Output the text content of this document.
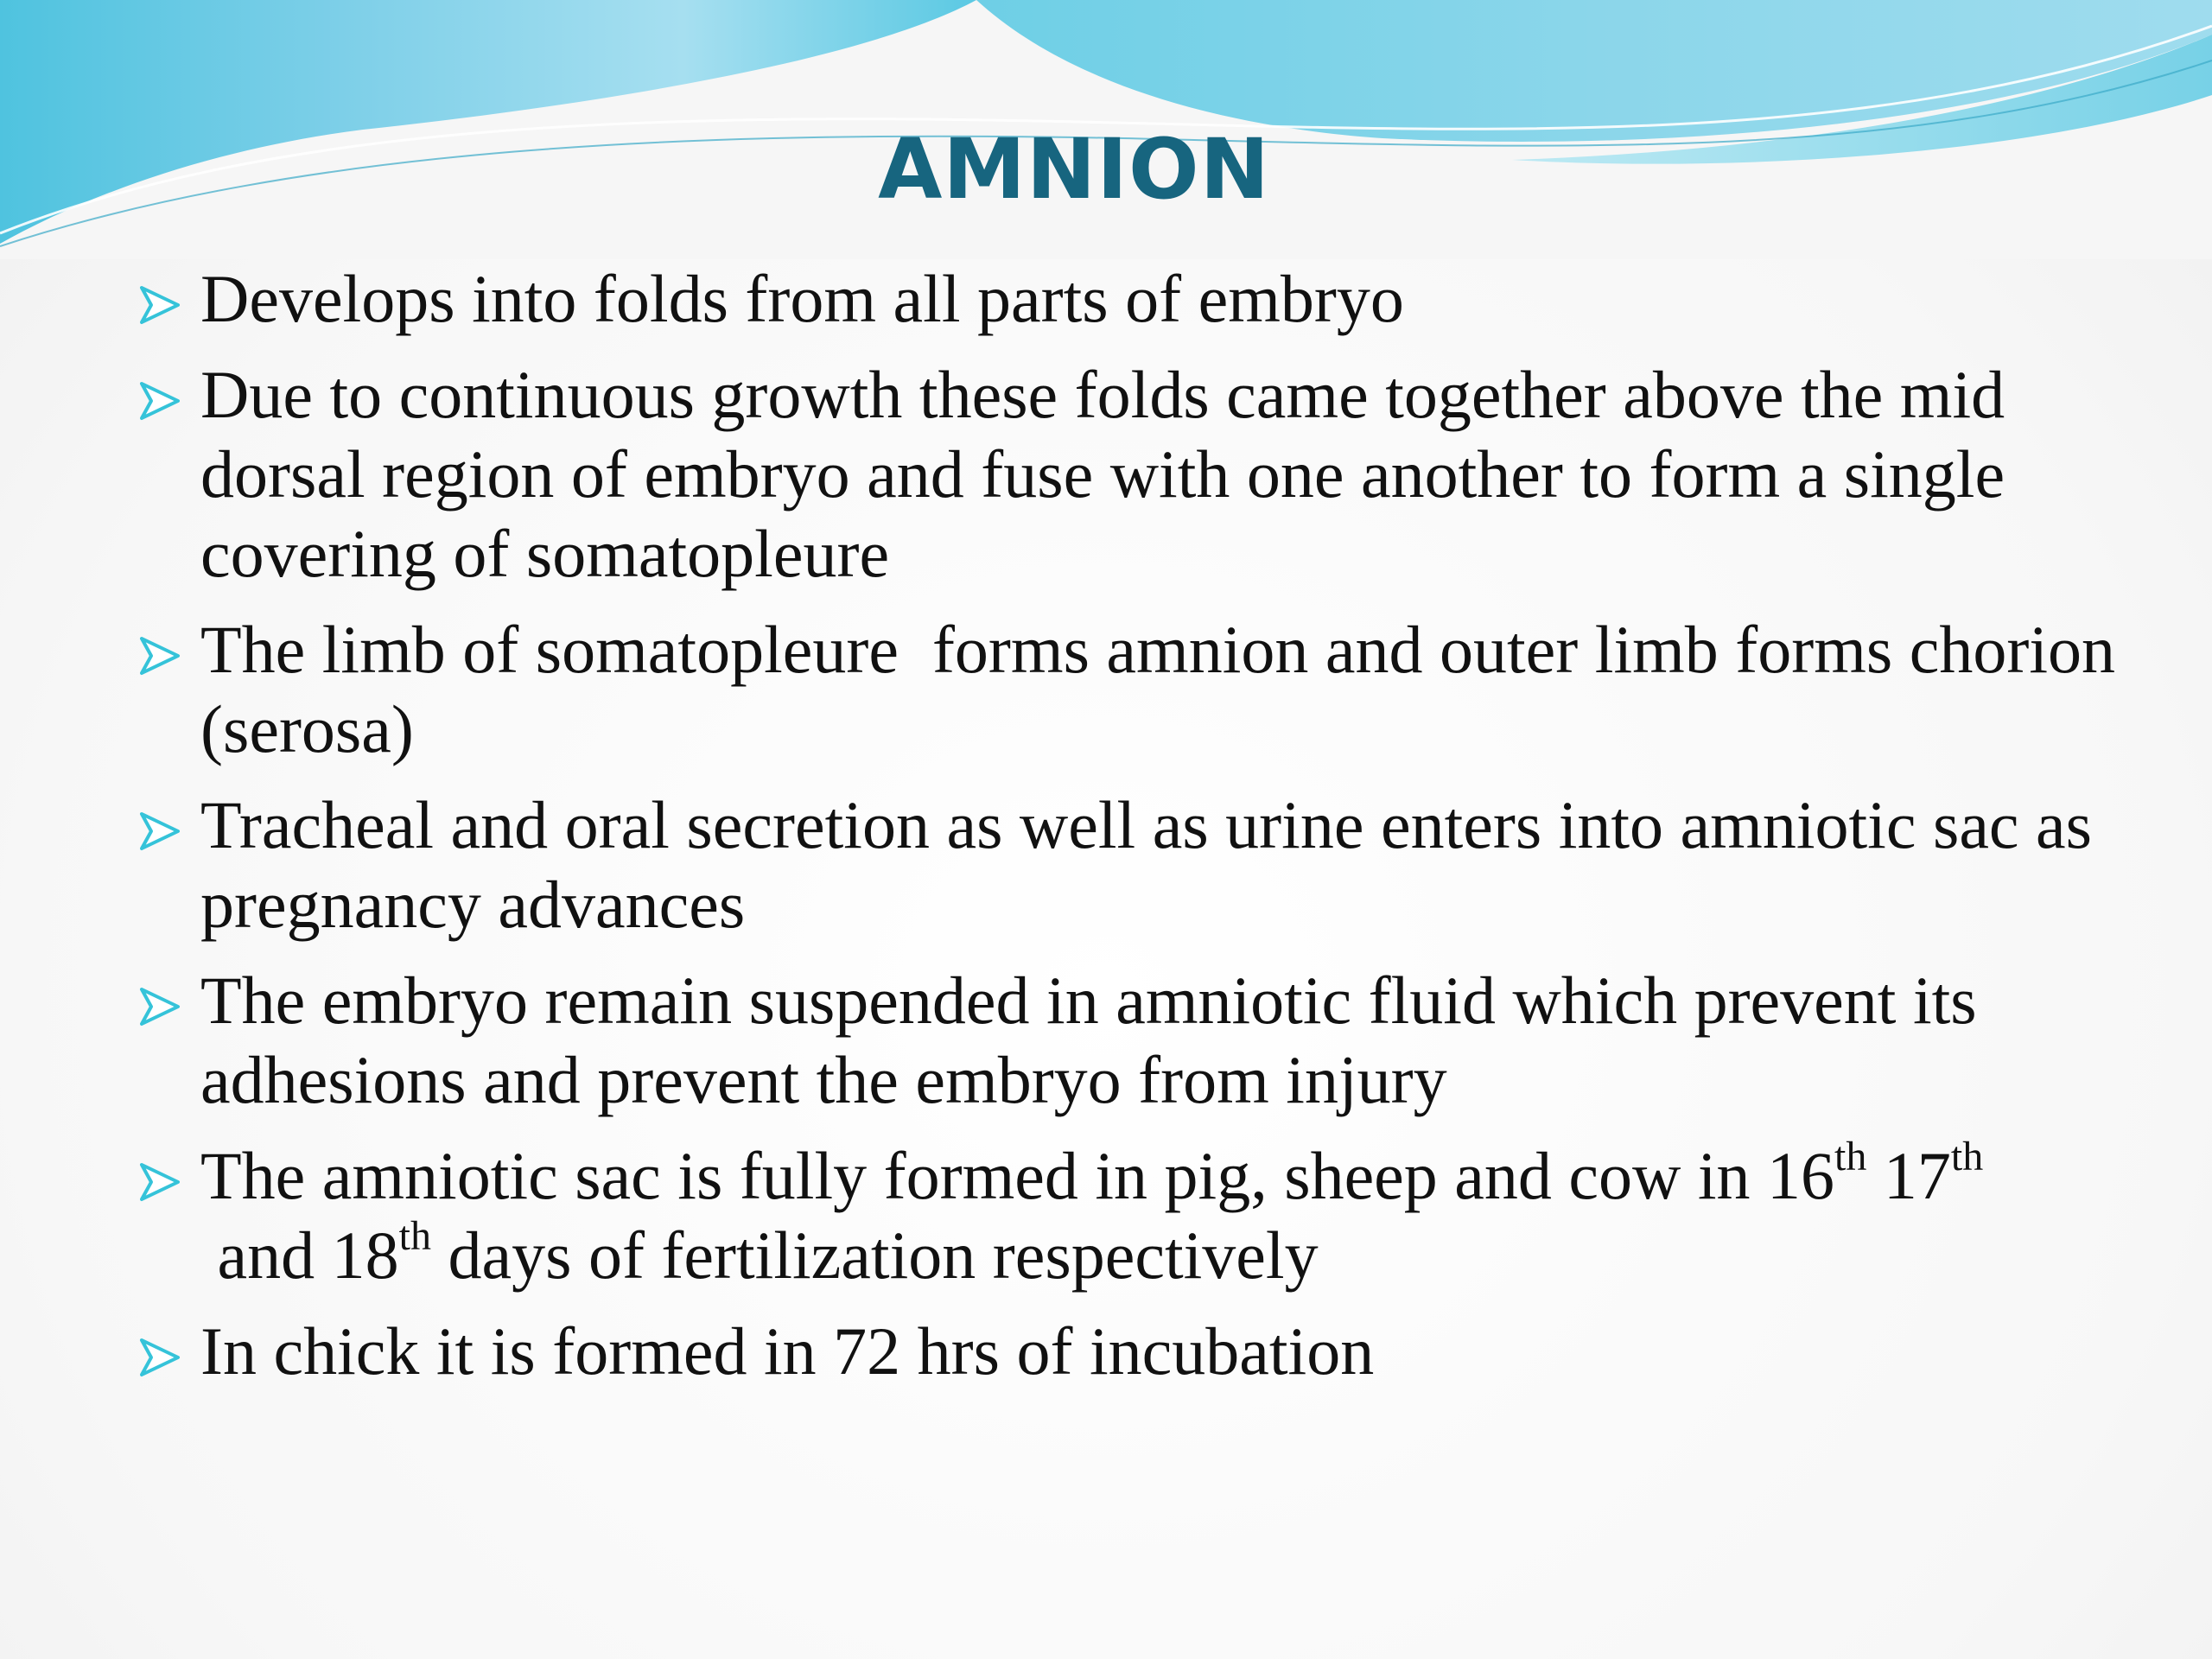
AMNION
Develops into folds from all parts of embryo
Due to continuous growth these folds came together above the mid dorsal region of embryo and fuse with one another to form a single covering of somatopleure
The limb of somatopleure  forms amnion and outer limb forms chorion (serosa)
Tracheal and oral secretion as well as urine enters into amniotic sac as pregnancy advances
The embryo remain suspended in amniotic fluid which prevent its adhesions and prevent the embryo from injury
The amniotic sac is fully formed in pig, sheep and cow in 16th 17th and 18th days of fertilization respectively
In chick it is formed in 72 hrs of incubation
